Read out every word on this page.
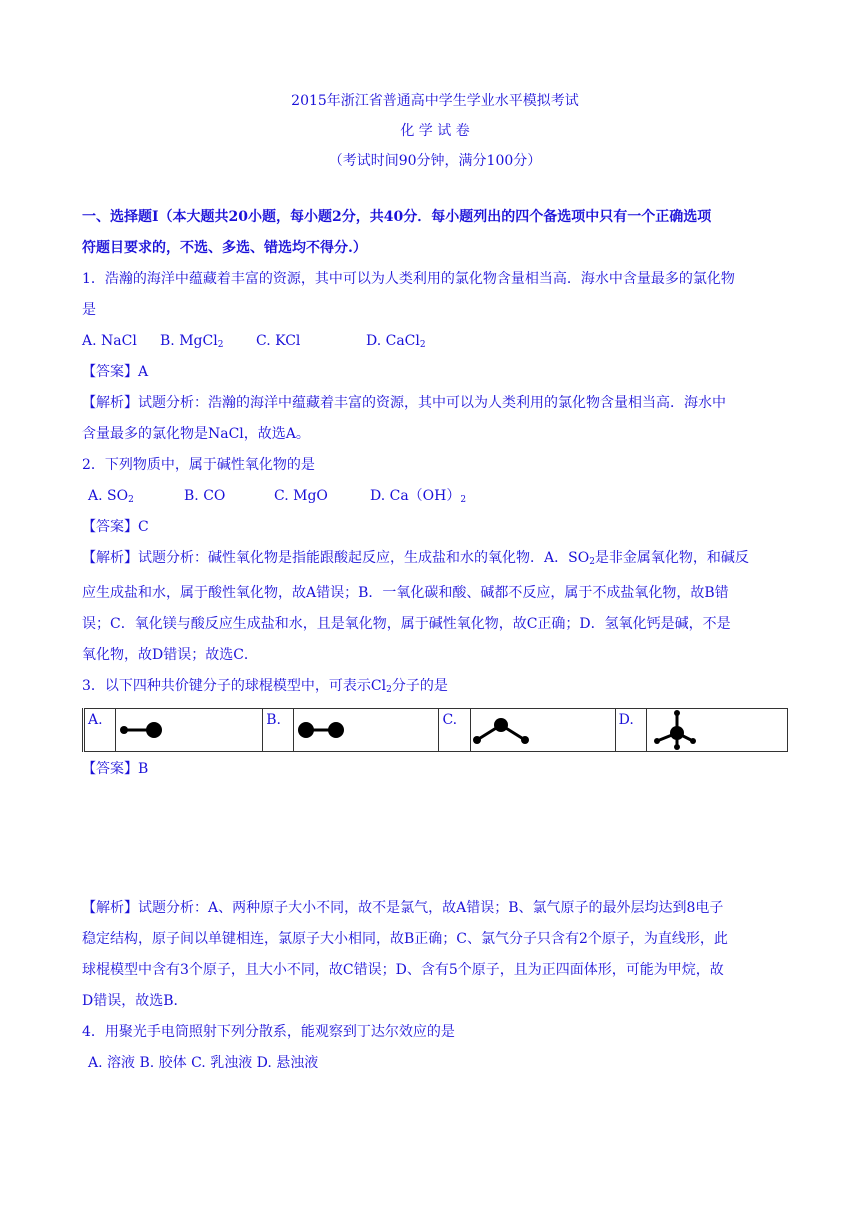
2015年浙江省普通高中学生学业水平模拟考试
化 学 试 卷
（考试时间90分钟，满分100分）

一、选择题Ⅰ（本大题共20小题，每小题2分，共40分．每小题列出的四个备选项中只有一个正确选项

符题目要求的，不选、多选、错选均不得分.）

1．浩瀚的海洋中蕴藏着丰富的资源，其中可以为人类利用的氯化物含量相当高．海水中含量最多的氯化物

是

A. NaCl B. MgCl$_2$ C. KCl	D. CaCl$_2$

【答案】A

【解析】试题分析：浩瀚的海洋中蕴藏着丰富的资源，其中可以为人类利用的氯化物含量相当高．海水中

含量最多的氯化物是NaCl，故选A。

2．下列物质中，属于碱性氧化物的是

A. $SO_2$	B. CO	C. MgO	D. $Ca(OH)_2$

【答案】C

【解析】试题分析：碱性氧化物是指能跟酸起反应，生成盐和水的氧化物．A．$SO_2$是非金属氧化物，和碱反

应生成盐和水，属于酸性氧化物，故A错误；B．一氧化碳和酸、碱都不反应，属于不成盐氧化物，故B错

误；C．氧化镁与酸反应生成盐和水，且是氧化物，属于碱性氧化物，故C正确；D．氢氧化钙是碱，不是

氧化物，故D错误；故选C．

3．以下四种共价键分子的球棍模型中，可表示$Cl_2$分子的是

A.		B.		C.		D.	

【答案】B

【解析】试题分析：A、两种原子大小不同，故不是氯气，故A错误；B、氯气原子的最外层均达到8电子

稳定结构，原子间以单键相连，氯原子大小相同，故B正确；C、氯气分子只含有2个原子，为直线形，此

球棍模型中含有3个原子，且大小不同，故C错误；D、含有5个原子，且为正四面体形，可能为甲烷，故

D错误，故选B．

4．用聚光手电筒照射下列分散系，能观察到丁达尔效应的是

A. 溶液 B. 胶体 C. 乳浊液 D. 悬浊液
